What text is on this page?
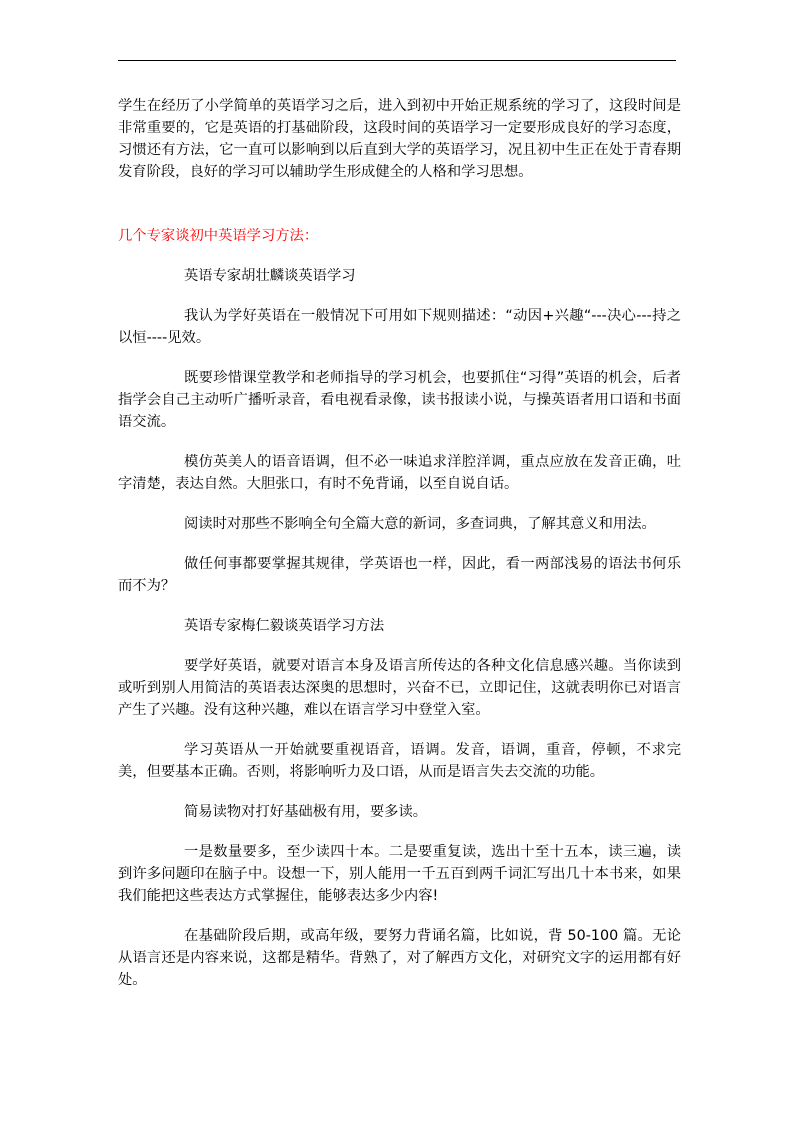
学生在经历了小学简单的英语学习之后，进入到初中开始正规系统的学习了，这段时间是非常重要的，它是英语的打基础阶段，这段时间的英语学习一定要形成良好的学习态度，习惯还有方法，它一直可以影响到以后直到大学的英语学习，况且初中生正在处于青春期发育阶段，良好的学习可以辅助学生形成健全的人格和学习思想。

几个专家谈初中英语学习方法：

英语专家胡壮麟谈英语学习

我认为学好英语在一般情况下可用如下规则描述：“动因+兴趣“---决心---持之以恒----见效。

既要珍惜课堂教学和老师指导的学习机会，也要抓住“习得”英语的机会，后者指学会自己主动听广播听录音，看电视看录像，读书报读小说，与操英语者用口语和书面语交流。

模仿英美人的语音语调，但不必一味追求洋腔洋调，重点应放在发音正确，吐字清楚，表达自然。大胆张口，有时不免背诵，以至自说自话。

阅读时对那些不影响全句全篇大意的新词，多查词典，了解其意义和用法。

做任何事都要掌握其规律，学英语也一样，因此，看一两部浅易的语法书何乐而不为？

英语专家梅仁毅谈英语学习方法

要学好英语，就要对语言本身及语言所传达的各种文化信息感兴趣。当你读到或听到别人用简洁的英语表达深奥的思想时，兴奋不已，立即记住，这就表明你已对语言产生了兴趣。没有这种兴趣，难以在语言学习中登堂入室。

学习英语从一开始就要重视语音，语调。发音，语调，重音，停顿，不求完美，但要基本正确。否则，将影响听力及口语，从而是语言失去交流的功能。

简易读物对打好基础极有用，要多读。

一是数量要多，至少读四十本。二是要重复读，选出十至十五本，读三遍，读到许多问题印在脑子中。设想一下，别人能用一千五百到两千词汇写出几十本书来，如果我们能把这些表达方式掌握住，能够表达多少内容!

在基础阶段后期，或高年级，要努力背诵名篇，比如说，背 50-100 篇。无论从语言还是内容来说，这都是精华。背熟了，对了解西方文化，对研究文字的运用都有好处。
